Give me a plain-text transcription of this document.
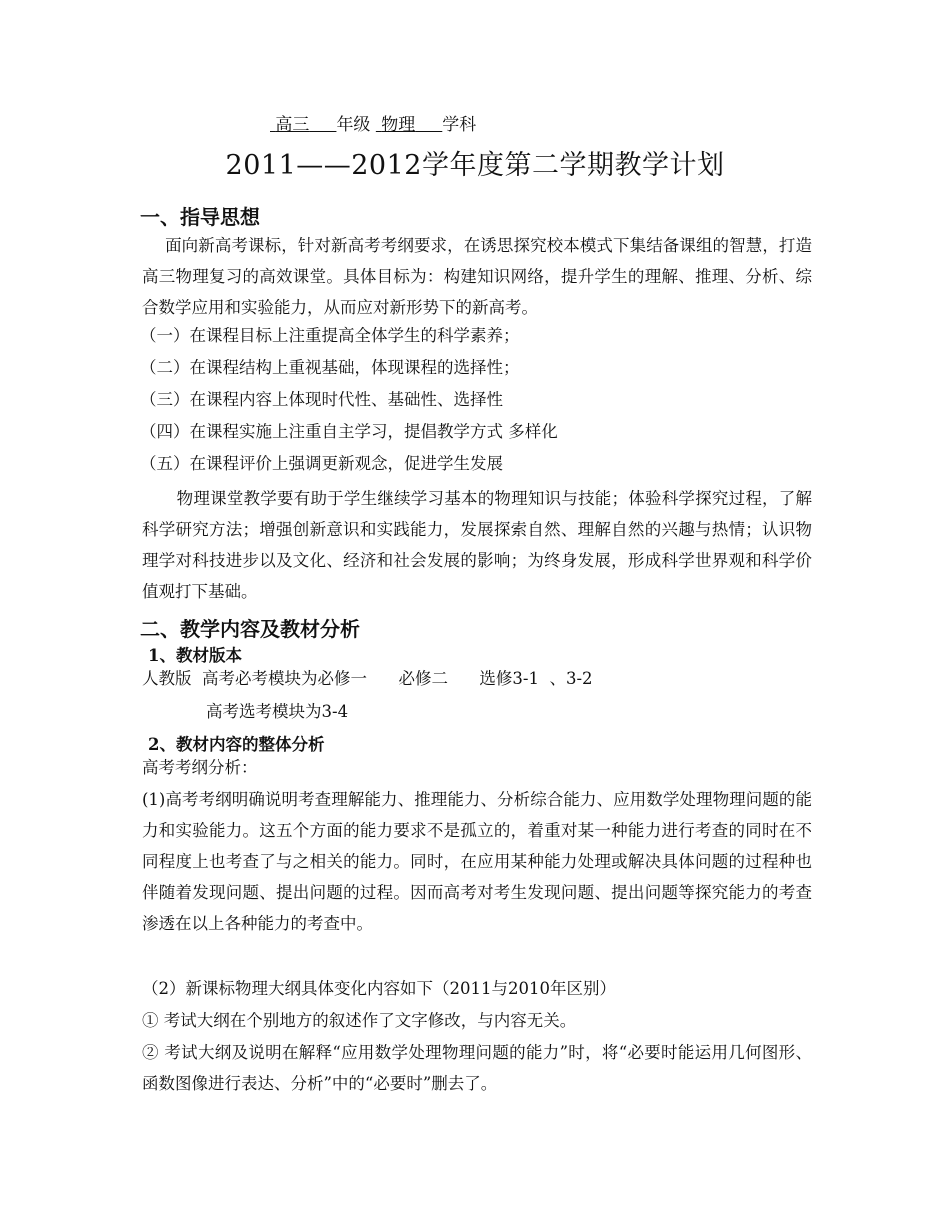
高三 年级 物理 学科
2011——2012学年度第二学期教学计划
一、指导思想
面向新高考课标，针对新高考考纲要求，在诱思探究校本模式下集结备课组的智慧，打造高三物理复习的高效课堂。具体目标为：构建知识网络，提升学生的理解、推理、分析、综合数学应用和实验能力，从而应对新形势下的新高考。
（一）在课程目标上注重提高全体学生的科学素养；
（二）在课程结构上重视基础，体现课程的选择性；
（三）在课程内容上体现时代性、基础性、选择性
（四）在课程实施上注重自主学习，提倡教学方式 多样化
（五）在课程评价上强调更新观念，促进学生发展
物理课堂教学要有助于学生继续学习基本的物理知识与技能；体验科学探究过程，了解科学研究方法；增强创新意识和实践能力，发展探索自然、理解自然的兴趣与热情；认识物理学对科技进步以及文化、经济和社会发展的影响；为终身发展，形成科学世界观和科学价值观打下基础。
二、教学内容及教材分析
1、教材版本
人教版  高考必考模块为必修一      必修二      选修3-1  、3-2
高考选考模块为3-4
2、教材内容的整体分析
高考考纲分析：
(1)高考考纲明确说明考查理解能力、推理能力、分析综合能力、应用数学处理物理问题的能力和实验能力。这五个方面的能力要求不是孤立的，着重对某一种能力进行考查的同时在不同程度上也考查了与之相关的能力。同时，在应用某种能力处理或解决具体问题的过程种也伴随着发现问题、提出问题的过程。因而高考对考生发现问题、提出问题等探究能力的考查渗透在以上各种能力的考查中。
（2）新课标物理大纲具体变化内容如下（2011与2010年区别）
① 考试大纲在个别地方的叙述作了文字修改，与内容无关。
② 考试大纲及说明在解释“应用数学处理物理问题的能力”时，将“必要时能运用几何图形、函数图像进行表达、分析”中的“必要时”删去了。
